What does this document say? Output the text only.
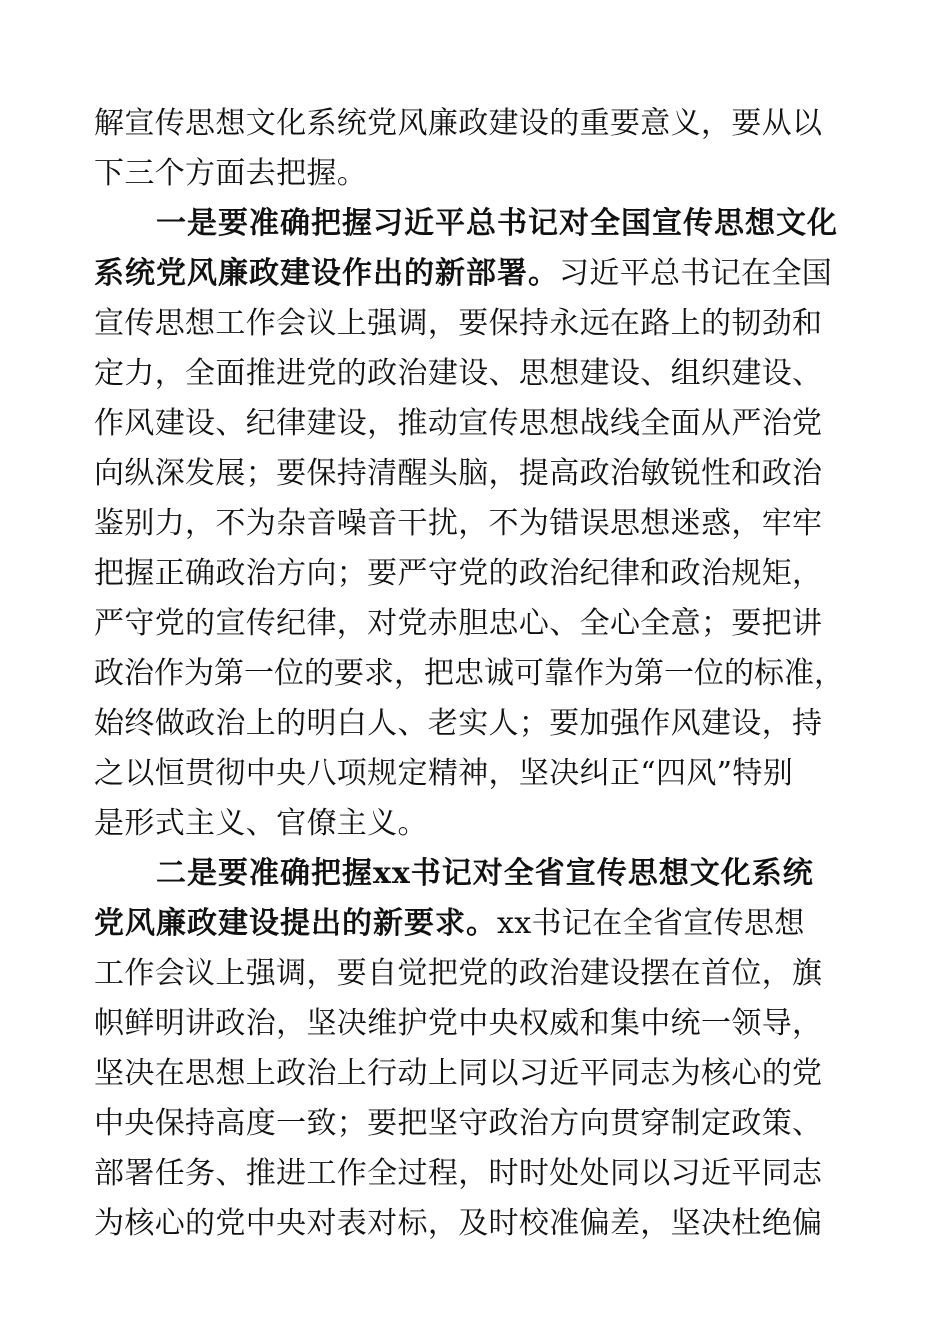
解宣传思想文化系统党风廉政建设的重要意义，要从以
下三个方面去把握。
一是要准确把握习近平总书记对全国宣传思想文化
系统党风廉政建设作出的新部署。习近平总书记在全国
宣传思想工作会议上强调，要保持永远在路上的韧劲和
定力，全面推进党的政治建设、思想建设、组织建设、
作风建设、纪律建设，推动宣传思想战线全面从严治党
向纵深发展；要保持清醒头脑，提高政治敏锐性和政治
鉴别力，不为杂音噪音干扰，不为错误思想迷惑，牢牢
把握正确政治方向；要严守党的政治纪律和政治规矩，
严守党的宣传纪律，对党赤胆忠心、全心全意；要把讲
政治作为第一位的要求，把忠诚可靠作为第一位的标准，
始终做政治上的明白人、老实人；要加强作风建设，持
之以恒贯彻中央八项规定精神，坚决纠正“四风”特别
是形式主义、官僚主义。
二是要准确把握xx书记对全省宣传思想文化系统
党风廉政建设提出的新要求。xx书记在全省宣传思想
工作会议上强调，要自觉把党的政治建设摆在首位，旗
帜鲜明讲政治，坚决维护党中央权威和集中统一领导，
坚决在思想上政治上行动上同以习近平同志为核心的党
中央保持高度一致；要把坚守政治方向贯穿制定政策、
部署任务、推进工作全过程，时时处处同以习近平同志
为核心的党中央对表对标，及时校准偏差，坚决杜绝偏
